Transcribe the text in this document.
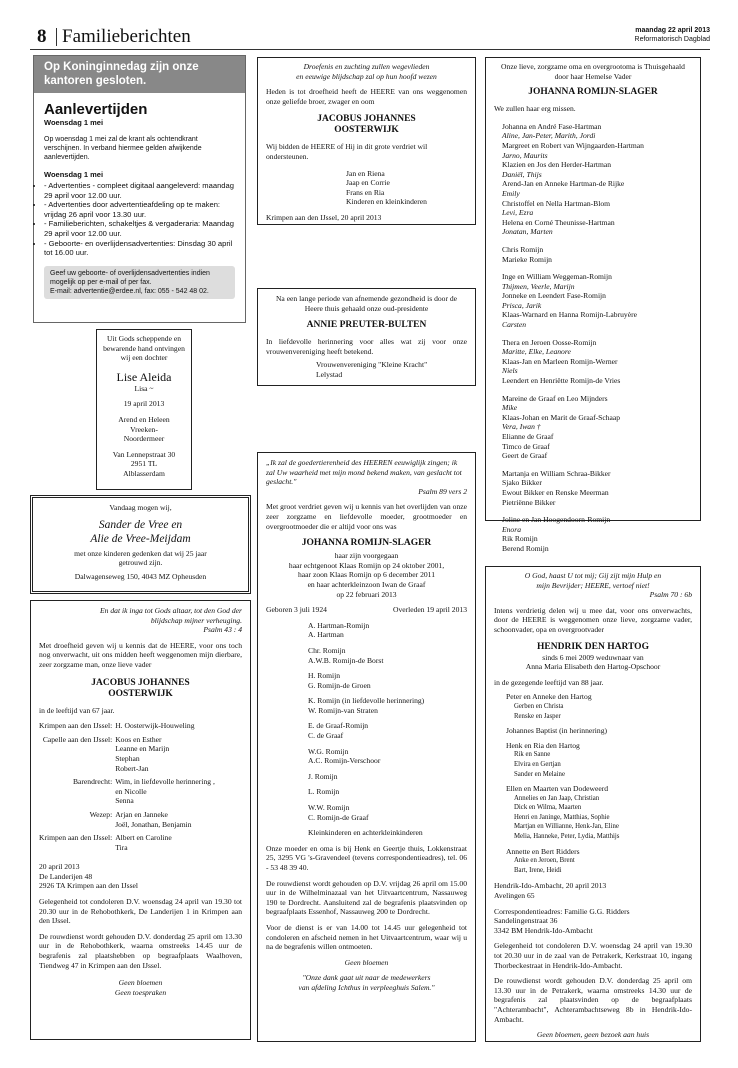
8 Familieberichten	maandag 22 april 2013
Reformatorisch Dagblad
Op Koninginnedag zijn onze kantoren gesloten.
Aanlevertijden
Woensdag 1 mei
Op woensdag 1 mei zal de krant als ochtendkrant verschijnen. In verband hiermee gelden afwijkende aanlevertijden.
Woensdag 1 mei
• - Advertenties - compleet digitaal aangeleverd: maandag 29 april voor 12.00 uur.
• - Advertenties door advertentieafdeling op te maken: vrijdag 26 april voor 13.30 uur.
• - Familieberichten, schakeltjes & vergaderaria: Maandag 29 april voor 12.00 uur.
• - Geboorte- en overlijdensadvertenties: Dinsdag 30 april tot 16.00 uur.
Geef uw geboorte- of overlijdensadvertenties indien mogelijk op per e-mail of per fax.
E-mail: advertentie@erdee.nl, fax: 055 - 542 48 02.
Uit Gods scheppende en bewarende hand ontvingen wij een dochter
Lise Aleida
Lisa ~
19 april 2013
Arend en Heleen
Vreeken-
Noordermeer
Van Lennepstraat 30
2951 TL
Alblasserdam
Vandaag mogen wij,
Sander de Vree en
Alie de Vree-Meijdam
met onze kinderen gedenken dat wij 25 jaar getrouwd zijn.
Dalwagenseweg 150, 4043 MZ Opheusden
En dat ik inga tot Gods altaar, tot den God der blijdschap mijner verheuging.
Psalm 43 : 4
Met droefheid geven wij u kennis dat de HEERE, voor ons toch nog onverwacht, uit ons midden heeft weggenomen mijn dierbare, zeer zorgzame man, onze lieve vader
JACOBUS JOHANNES
OOSTERWIJK
in de leeftijd van 67 jaar.
Krimpen aan den IJssel:	H. Oosterwijk-Houweling

Capelle aan den IJssel:	Koos en Esther
Leanne en Marijn
Stephan
Robert-Jan

Barendrecht:	Wim, in liefdevolle herinnering ,
en Nicolle
Senna

Wezep:	Arjan en Janneke
Joël, Jonathan, Benjamin

Krimpen aan den IJssel:	Albert en Caroline
Tira

20 april 2013
De Landerijen 48
2926 TA Krimpen aan den IJssel
Gelegenheid tot condoleren D.V. woensdag 24 april van 19.30 tot 20.30 uur in de Rehobothkerk, De Landerijen 1 in Krimpen aan den IJssel.
De rouwdienst wordt gehouden D.V. donderdag 25 april om 13.30 uur in de Rehobothkerk, waarna omstreeks 14.45 uur de begrafenis zal plaatshebben op begraafplaats Waalhoven, Tiendweg 47 in Krimpen aan den IJssel.
Geen bloemen
Geen toespraken
Droefenis en zuchting zullen wegevlieden
en eeuwige blijdschap zal op hun hoofd wezen
Heden is tot droefheid heeft de HEERE van ons weggenomen onze geliefde broer, zwager en oom
JACOBUS JOHANNES
OOSTERWIJK
Wij bidden de HEERE of Hij in dit grote verdriet wil ondersteunen.
Jan en Riena
Jaap en Corrie
Frans en Ria
Kinderen en kleinkinderen
Krimpen aan den IJssel, 20 april 2013
Na een lange periode van afnemende gezondheid is door de Heere thuis gehaald onze oud-presidente
ANNIE PREUTER-BULTEN
In liefdevolle herinnering voor alles wat zij voor onze vrouwenvereniging heeft betekend.
Vrouwenvereniging "Kleine Kracht"
Lelystad
„Ik zal de goedertierenheid des HEEREN eeuwiglijk zingen; ik zal Uw waarheid met mijn mond bekend maken, van geslacht tot geslacht."
Psalm 89 vers 2
Met groot verdriet geven wij u kennis van het overlijden van onze zeer zorgzame en liefdevolle moeder, grootmoeder en overgrootmoeder die er altijd voor ons was
JOHANNA ROMIJN-SLAGER
haar zijn voorgegaan
haar echtgenoot Klaas Romijn op 24 oktober 2001,
haar zoon Klaas Romijn op 6 december 2011
en haar achterkleinzoon Iwan de Graaf
op 22 februari 2013
Geboren 3 juli 1924	Overleden 19 april 2013
A. Hartman-Romijn
A. Hartman
Chr. Romijn
A.W.B. Romijn-de Borst
H. Romijn
G. Romijn-de Groen
K. Romijn (in liefdevolle herinnering)
W. Romijn-van Straten
E. de Graaf-Romijn
C. de Graaf
W.G. Romijn
A.C. Romijn-Verschoor
J. Romijn
L. Romijn
W.W. Romijn
C. Romijn-de Graaf
Kleinkinderen en achterkleinkinderen
Onze moeder en oma is bij Henk en Geertje thuis, Lokkenstraat 25, 3295 VG 's-Gravendeel (tevens correspondentieadres), tel. 06 - 53 48 39 40.
De rouwdienst wordt gehouden op D.V. vrijdag 26 april om 15.00 uur in de Wilhelminazaal van het Uitvaartcentrum, Nassauweg 190 te Dordrecht. Aansluitend zal de begrafenis plaatsvinden op begraafplaats Essenhof, Nassauweg 200 te Dordrecht.
Voor de dienst is er van 14.00 tot 14.45 uur gelegenheid tot condoleren en afscheid nemen in het Uitvaartcentrum, waar wij u na de begrafenis willen ontmoeten.
Geen bloemen
"Onze dank gaat uit naar de medewerkers
van afdeling Ichthus in verpleeghuis Salem."
Onze lieve, zorgzame oma en overgrootoma is Thuisgehaald door haar Hemelse Vader
JOHANNA ROMIJN-SLAGER
We zullen haar erg missen.
Johanna en André Fase-Hartman
Aline, Jan-Peter, Marith, Jordi
Margreet en Robert van Wijngaarden-Hartman
Jarno, Maurits
Klazien en Jos den Herder-Hartman
Daniël, Thijs
Arend-Jan en Anneke Hartman-de Rijke
Emily
Christoffel en Nella Hartman-Blom
Levi, Ezra
Helena en Corné Theunisse-Hartman
Jonatan, Marten
Chris Romijn
Marieke Romijn
Inge en William Weggeman-Romijn
Thijmen, Veerle, Marijn
Jonneke en Leendert Fase-Romijn
Prisca, Jarik
Klaas-Warnard en Hanna Romijn-Labruyère
Carsten
Thera en Jeroen Oosse-Romijn
Maritte, Elke, Leanore
Klaas-Jan en Marleen Romijn-Werner
Niels
Leendert en Henriëtte Romijn-de Vries
Mareine de Graaf en Leo Mijnders
Mike
Klaas-Johan en Marit de Graaf-Schaap
Vera, Iwan †
Elianne de Graaf
Timco de Graaf
Geert de Graaf
Martanja en William Schraa-Bikker
Sjako Bikker
Ewout Bikker en Renske Meerman
Pietriënne Bikker
Joline en Jan Hoogendoorn-Romijn
Enora
Rik Romijn
Berend Romijn
O God, haast U tot mij; Gij zijt mijn Hulp en
mijn Bevrijder; HEERE, vertoef niet!
Psalm 70 : 6b
Intens verdrietig delen wij u mee dat, voor ons onverwachts, door de HEERE is weggenomen onze lieve, zorgzame vader, schoonvader, opa en overgrootvader
HENDRIK DEN HARTOG
sinds 6 mei 2009 weduwnaar van
Anna Maria Elisabeth den Hartog-Opschoor
in de gezegende leeftijd van 88 jaar.
Peter en Anneke den Hartog
Gerben en Christa
Renske en Jasper
Johannes Baptist (in herinnering)
Henk en Ria den Hartog
Rik en Sanne
Elvira en Gertjan
Sander en Melaine
Ellen en Maarten van Dodeweerd
Annelies en Jan Jaap, Christian
Dick en Wilma, Maarten
Henri en Janinge, Matthias, Sophie
Martjan en Willianne, Henk-Jan, Eline
Melia, Hanneke, Peter, Lydia, Matthijs
Annette en Bert Ridders
Anke en Jeroen, Brent
Bart, Irene, Heidi
Hendrik-Ido-Ambacht, 20 april 2013
Avelingen 65
Correspondentieadres: Familie G.G. Ridders
Sandelingenstraat 36
3342 BM Hendrik-Ido-Ambacht
Gelegenheid tot condoleren D.V. woensdag 24 april van 19.30 tot 20.30 uur in de zaal van de Petrakerk, Kerkstraat 10, ingang Thorbeckestraat in Hendrik-Ido-Ambacht.
De rouwdienst wordt gehouden D.V. donderdag 25 april om 13.30 uur in de Petrakerk, waarna omstreeks 14.30 uur de begrafenis zal plaatsvinden op de begraafplaats "Achterambacht", Achterambachtseweg 8b in Hendrik-Ido-Ambacht.
Geen bloemen, geen bezoek aan huis
